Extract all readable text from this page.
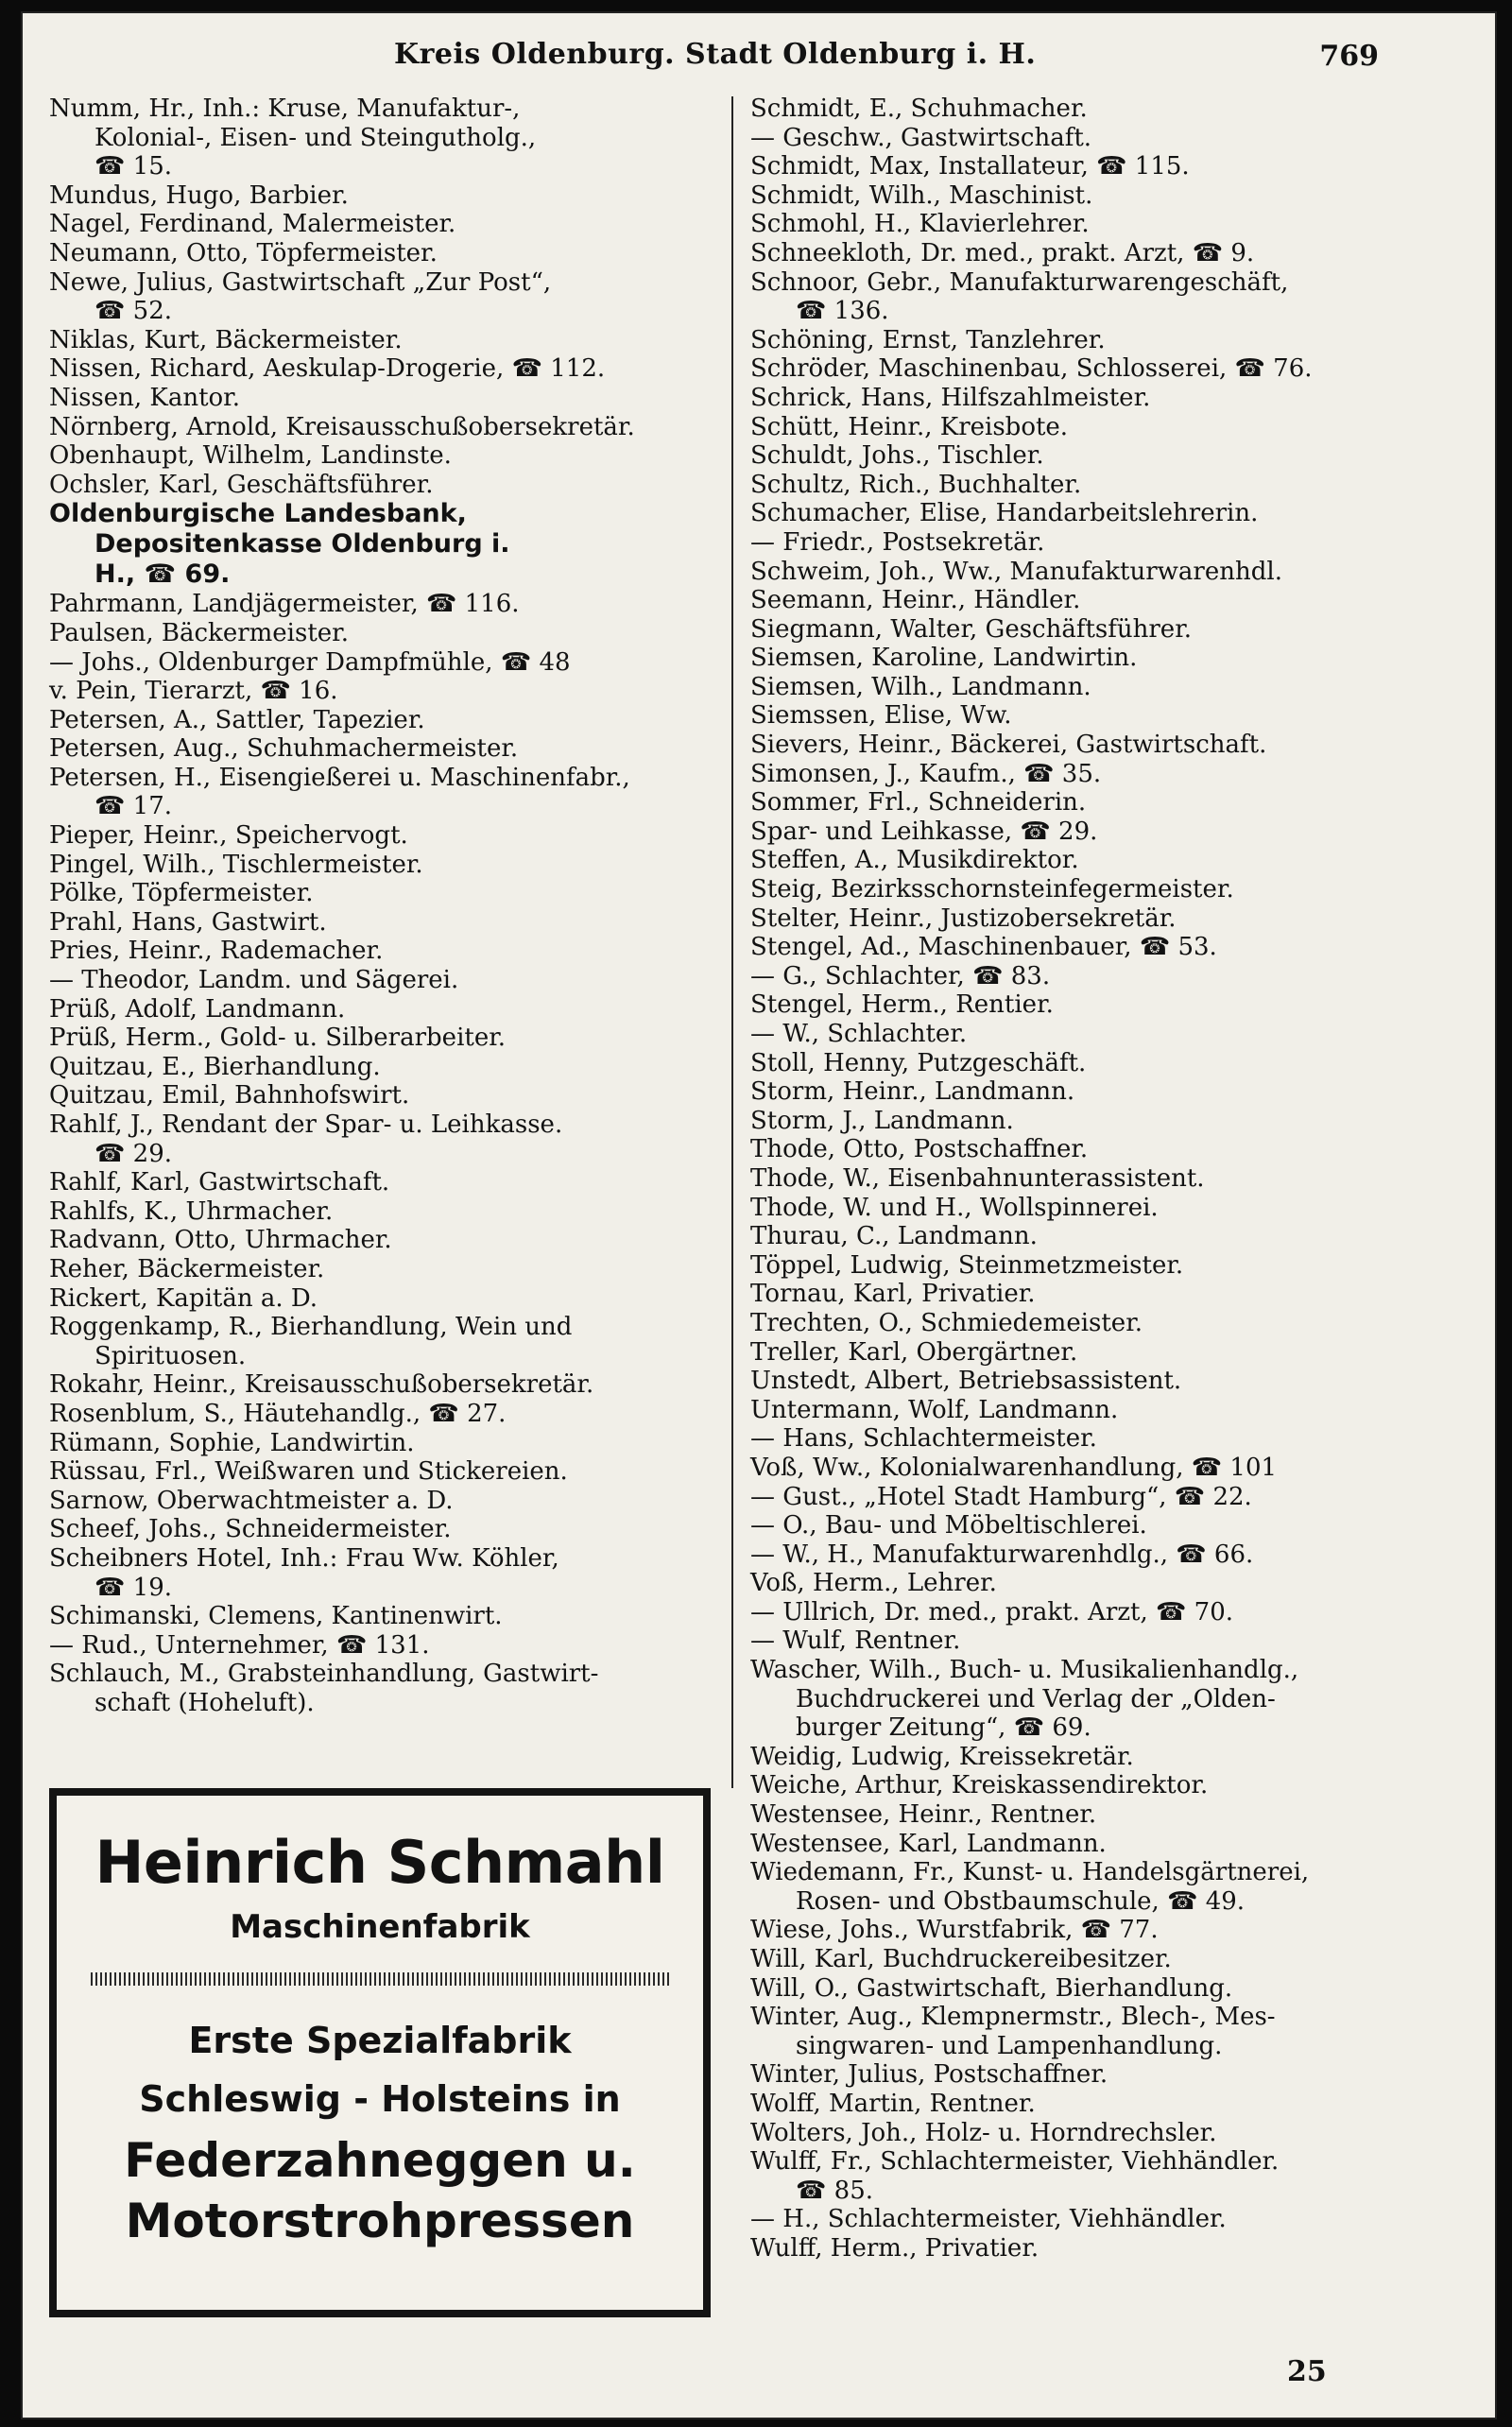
Kreis Oldenburg. Stadt Oldenburg i. H.	769
Numm, Hr., Inh.: Kruse, Manufaktur-,
Kolonial-, Eisen- und Steingutholg.,
☎ 15.
Mundus, Hugo, Barbier.
Nagel, Ferdinand, Malermeister.
Neumann, Otto, Töpfermeister.
Newe, Julius, Gastwirtschaft „Zur Post“,
☎ 52.
Niklas, Kurt, Bäckermeister.
Nissen, Richard, Aeskulap-Drogerie, ☎ 112.
Nissen, Kantor.
Nörnberg, Arnold, Kreisausschußobersekretär.
Obenhaupt, Wilhelm, Landinste.
Ochsler, Karl, Geschäftsführer.
Oldenburgische Landesbank,
Depositenkasse Oldenburg i.
H., ☎ 69.
Pahrmann, Landjägermeister, ☎ 116.
Paulsen, Bäckermeister.
— Johs., Oldenburger Dampfmühle, ☎ 48
v. Pein, Tierarzt, ☎ 16.
Petersen, A., Sattler, Tapezier.
Petersen, Aug., Schuhmachermeister.
Petersen, H., Eisengießerei u. Maschinenfabr.,
☎ 17.
Pieper, Heinr., Speichervogt.
Pingel, Wilh., Tischlermeister.
Pölke, Töpfermeister.
Prahl, Hans, Gastwirt.
Pries, Heinr., Rademacher.
— Theodor, Landm. und Sägerei.
Prüß, Adolf, Landmann.
Prüß, Herm., Gold- u. Silberarbeiter.
Quitzau, E., Bierhandlung.
Quitzau, Emil, Bahnhofswirt.
Rahlf, J., Rendant der Spar- u. Leihkasse.
☎ 29.
Rahlf, Karl, Gastwirtschaft.
Rahlfs, K., Uhrmacher.
Radvann, Otto, Uhrmacher.
Reher, Bäckermeister.
Rickert, Kapitän a. D.
Roggenkamp, R., Bierhandlung, Wein und
Spirituosen.
Rokahr, Heinr., Kreisausschußobersekretär.
Rosenblum, S., Häutehandlg., ☎ 27.
Rümann, Sophie, Landwirtin.
Rüssau, Frl., Weißwaren und Stickereien.
Sarnow, Oberwachtmeister a. D.
Scheef, Johs., Schneidermeister.
Scheibners Hotel, Inh.: Frau Ww. Köhler,
☎ 19.
Schimanski, Clemens, Kantinenwirt.
— Rud., Unternehmer, ☎ 131.
Schlauch, M., Grabsteinhandlung, Gastwirt-
schaft (Hoheluft).
Schmidt, E., Schuhmacher.
— Geschw., Gastwirtschaft.
Schmidt, Max, Installateur, ☎ 115.
Schmidt, Wilh., Maschinist.
Schmohl, H., Klavierlehrer.
Schneekloth, Dr. med., prakt. Arzt, ☎ 9.
Schnoor, Gebr., Manufakturwarengeschäft,
☎ 136.
Schöning, Ernst, Tanzlehrer.
Schröder, Maschinenbau, Schlosserei, ☎ 76.
Schrick, Hans, Hilfszahlmeister.
Schütt, Heinr., Kreisbote.
Schuldt, Johs., Tischler.
Schultz, Rich., Buchhalter.
Schumacher, Elise, Handarbeitslehrerin.
— Friedr., Postsekretär.
Schweim, Joh., Ww., Manufakturwarenhdl.
Seemann, Heinr., Händler.
Siegmann, Walter, Geschäftsführer.
Siemsen, Karoline, Landwirtin.
Siemsen, Wilh., Landmann.
Siemssen, Elise, Ww.
Sievers, Heinr., Bäckerei, Gastwirtschaft.
Simonsen, J., Kaufm., ☎ 35.
Sommer, Frl., Schneiderin.
Spar- und Leihkasse, ☎ 29.
Steffen, A., Musikdirektor.
Steig, Bezirksschornsteinfegermeister.
Stelter, Heinr., Justizobersekretär.
Stengel, Ad., Maschinenbauer, ☎ 53.
— G., Schlachter, ☎ 83.
Stengel, Herm., Rentier.
— W., Schlachter.
Stoll, Henny, Putzgeschäft.
Storm, Heinr., Landmann.
Storm, J., Landmann.
Thode, Otto, Postschaffner.
Thode, W., Eisenbahnunterassistent.
Thode, W. und H., Wollspinnerei.
Thurau, C., Landmann.
Töppel, Ludwig, Steinmetzmeister.
Tornau, Karl, Privatier.
Trechten, O., Schmiedemeister.
Treller, Karl, Obergärtner.
Unstedt, Albert, Betriebsassistent.
Untermann, Wolf, Landmann.
— Hans, Schlachtermeister.
Voß, Ww., Kolonialwarenhandlung, ☎ 101
— Gust., „Hotel Stadt Hamburg“, ☎ 22.
— O., Bau- und Möbeltischlerei.
— W., H., Manufakturwarenhdlg., ☎ 66.
Voß, Herm., Lehrer.
— Ullrich, Dr. med., prakt. Arzt, ☎ 70.
— Wulf, Rentner.
Wascher, Wilh., Buch- u. Musikalienhandlg.,
Buchdruckerei und Verlag der „Olden-
burger Zeitung“, ☎ 69.
Weidig, Ludwig, Kreissekretär.
Weiche, Arthur, Kreiskassendirektor.
Westensee, Heinr., Rentner.
Westensee, Karl, Landmann.
Wiedemann, Fr., Kunst- u. Handelsgärtnerei,
Rosen- und Obstbaumschule, ☎ 49.
Wiese, Johs., Wurstfabrik, ☎ 77.
Will, Karl, Buchdruckereibesitzer.
Will, O., Gastwirtschaft, Bierhandlung.
Winter, Aug., Klempnermstr., Blech-, Mes-
singwaren- und Lampenhandlung.
Winter, Julius, Postschaffner.
Wolff, Martin, Rentner.
Wolters, Joh., Holz- u. Horndrechsler.
Wulff, Fr., Schlachtermeister, Viehhändler.
☎ 85.
— H., Schlachtermeister, Viehhändler.
Wulff, Herm., Privatier.
Heinrich Schmahl
Maschinenfabrik
Erste Spezialfabrik
Schleswig - Holsteins in
Federzahneggen u.
Motorstrohpressen
25
